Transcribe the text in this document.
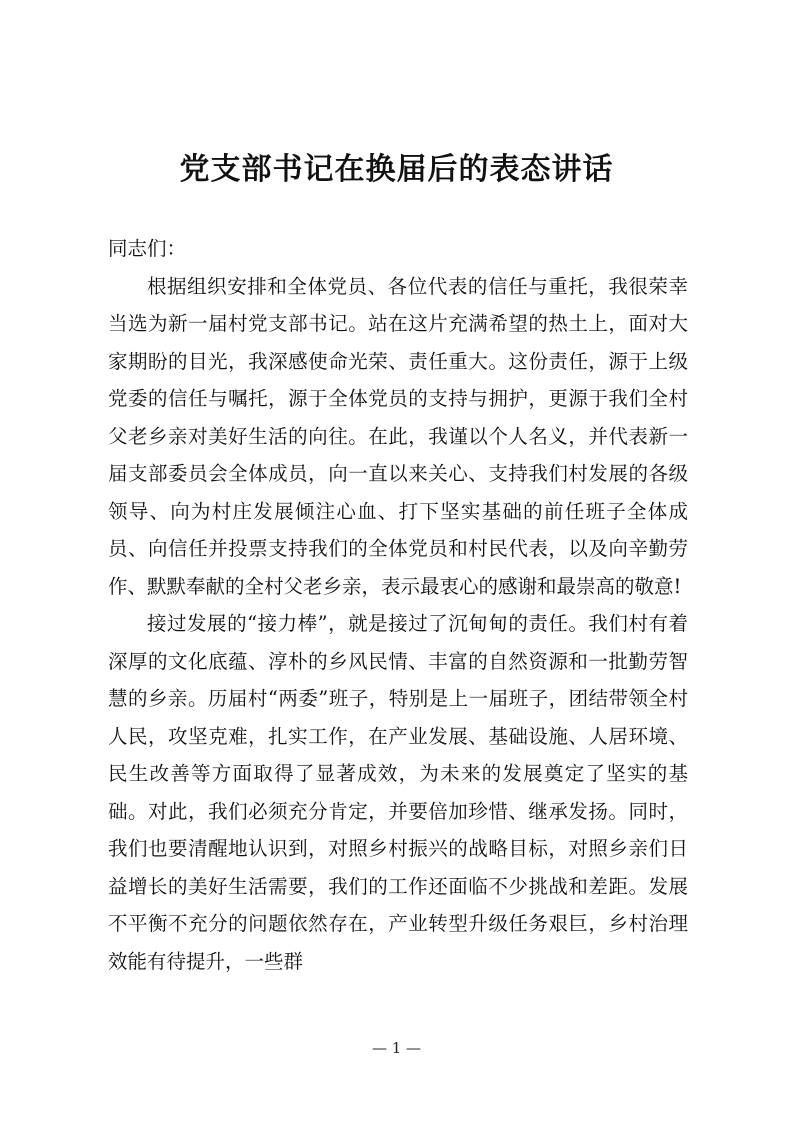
党支部书记在换届后的表态讲话

同志们：

根据组织安排和全体党员、各位代表的信任与重托，我很荣幸当选为新一届村党支部书记。站在这片充满希望的热土上，面对大家期盼的目光，我深感使命光荣、责任重大。这份责任，源于上级党委的信任与嘱托，源于全体党员的支持与拥护，更源于我们全村父老乡亲对美好生活的向往。在此，我谨以个人名义，并代表新一届支部委员会全体成员，向一直以来关心、支持我们村发展的各级领导、向为村庄发展倾注心血、打下坚实基础的前任班子全体成员、向信任并投票支持我们的全体党员和村民代表，以及向辛勤劳作、默默奉献的全村父老乡亲，表示最衷心的感谢和最崇高的敬意!

接过发展的“接力棒”，就是接过了沉甸甸的责任。我们村有着深厚的文化底蕴、淳朴的乡风民情、丰富的自然资源和一批勤劳智慧的乡亲。历届村“两委”班子，特别是上一届班子，团结带领全村人民，攻坚克难，扎实工作，在产业发展、基础设施、人居环境、民生改善等方面取得了显著成效，为未来的发展奠定了坚实的基础。对此，我们必须充分肯定，并要倍加珍惜、继承发扬。同时，我们也要清醒地认识到，对照乡村振兴的战略目标，对照乡亲们日益增长的美好生活需要，我们的工作还面临不少挑战和差距。发展不平衡不充分的问题依然存在，产业转型升级任务艰巨，乡村治理效能有待提升，一些群

— 1 —
